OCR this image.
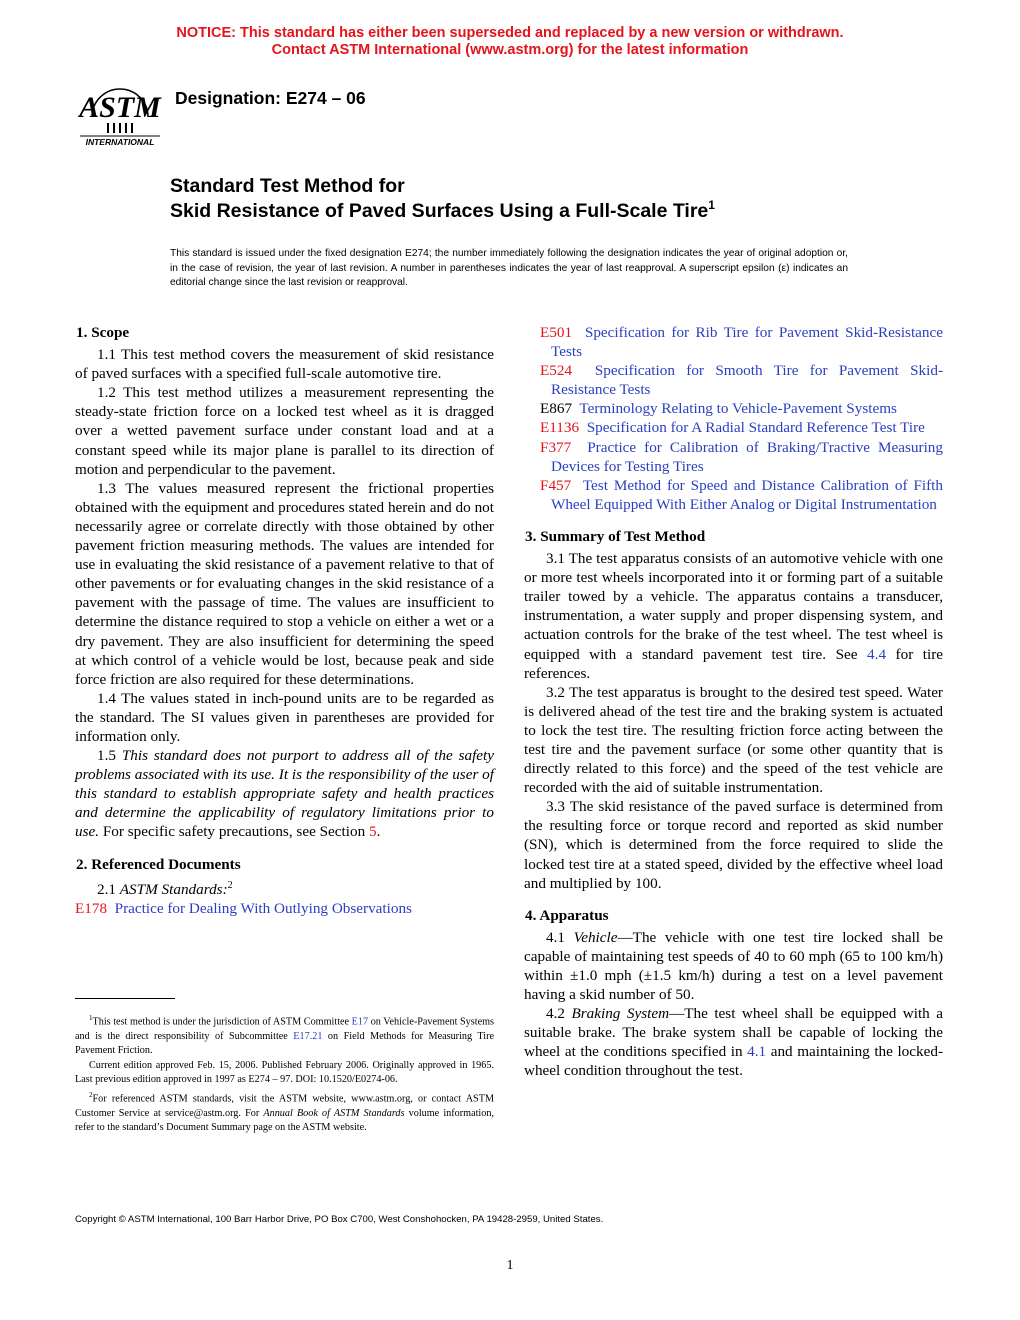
NOTICE: This standard has either been superseded and replaced by a new version or withdrawn.
Contact ASTM International (www.astm.org) for the latest information
ASTM
INTERNATIONAL
Designation: E274 – 06
Standard Test Method for
Skid Resistance of Paved Surfaces Using a Full-Scale Tire$^1$
This standard is issued under the fixed designation E274; the number immediately following the designation indicates the year of original adoption or, in the case of revision, the year of last revision. A number in parentheses indicates the year of last reapproval. A superscript epsilon (ε) indicates an editorial change since the last revision or reapproval.
1. Scope

1.1 This test method covers the measurement of skid resistance of paved surfaces with a specified full-scale automotive tire.

1.2 This test method utilizes a measurement representing the steady-state friction force on a locked test wheel as it is dragged over a wetted pavement surface under constant load and at a constant speed while its major plane is parallel to its direction of motion and perpendicular to the pavement.

1.3 The values measured represent the frictional properties obtained with the equipment and procedures stated herein and do not necessarily agree or correlate directly with those obtained by other pavement friction measuring methods. The values are intended for use in evaluating the skid resistance of a pavement relative to that of other pavements or for evaluating changes in the skid resistance of a pavement with the passage of time. The values are insufficient to determine the distance required to stop a vehicle on either a wet or a dry pavement. They are also insufficient for determining the speed at which control of a vehicle would be lost, because peak and side force friction are also required for these determinations.

1.4 The values stated in inch-pound units are to be regarded as the standard. The SI values given in parentheses are provided for information only.

1.5 This standard does not purport to address all of the safety problems associated with its use. It is the responsibility of the user of this standard to establish appropriate safety and health practices and determine the applicability of regulatory limitations prior to use. For specific safety precautions, see Section 5.

2. Referenced Documents

2.1 ASTM Standards:$^2$

E178 Practice for Dealing With Outlying Observations

$^1$This test method is under the jurisdiction of ASTM Committee E17 on Vehicle-Pavement Systems and is the direct responsibility of Subcommittee E17.21 on Field Methods for Measuring Tire Pavement Friction.

Current edition approved Feb. 15, 2006. Published February 2006. Originally approved in 1965. Last previous edition approved in 1997 as E274 – 97. DOI: 10.1520/E0274-06.

$^2$For referenced ASTM standards, visit the ASTM website, www.astm.org, or contact ASTM Customer Service at service@astm.org. For Annual Book of ASTM Standards volume information, refer to the standard’s Document Summary page on the ASTM website.

E501 Specification for Rib Tire for Pavement Skid-Resistance Tests

E524 Specification for Smooth Tire for Pavement Skid-Resistance Tests

E867 Terminology Relating to Vehicle-Pavement Systems

E1136 Specification for A Radial Standard Reference Test Tire

F377 Practice for Calibration of Braking/Tractive Measuring Devices for Testing Tires

F457 Test Method for Speed and Distance Calibration of Fifth Wheel Equipped With Either Analog or Digital Instrumentation

3. Summary of Test Method

3.1 The test apparatus consists of an automotive vehicle with one or more test wheels incorporated into it or forming part of a suitable trailer towed by a vehicle. The apparatus contains a transducer, instrumentation, a water supply and proper dispensing system, and actuation controls for the brake of the test wheel. The test wheel is equipped with a standard pavement test tire. See 4.4 for tire references.

3.2 The test apparatus is brought to the desired test speed. Water is delivered ahead of the test tire and the braking system is actuated to lock the test tire. The resulting friction force acting between the test tire and the pavement surface (or some other quantity that is directly related to this force) and the speed of the test vehicle are recorded with the aid of suitable instrumentation.

3.3 The skid resistance of the paved surface is determined from the resulting force or torque record and reported as skid number (SN), which is determined from the force required to slide the locked test tire at a stated speed, divided by the effective wheel load and multiplied by 100.

4. Apparatus

4.1 Vehicle—The vehicle with one test tire locked shall be capable of maintaining test speeds of 40 to 60 mph (65 to 100 km/h) within ±1.0 mph (±1.5 km/h) during a test on a level pavement having a skid number of 50.

4.2 Braking System—The test wheel shall be equipped with a suitable brake. The brake system shall be capable of locking the wheel at the conditions specified in 4.1 and maintaining the locked-wheel condition throughout the test.

Copyright © ASTM International, 100 Barr Harbor Drive, PO Box C700, West Conshohocken, PA 19428-2959, United States.
1
